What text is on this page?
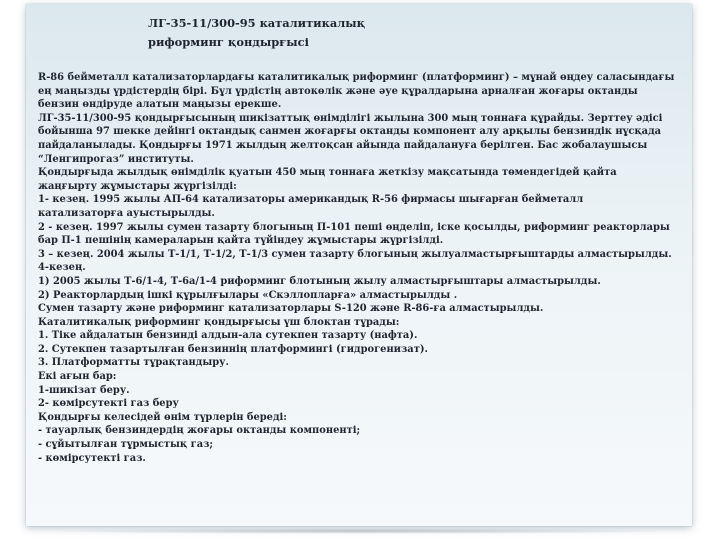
ЛГ-35-11/300-95 каталитикалық
риформинг қондырғысі
R-86 бейметалл катализаторлардағы каталитикалық риформинг (платформинг) – мұнай өңдеу саласындағы
ең маңызды үрдістердің бірі. Бұл үрдістің автокөлік және әуе құралдарына арналған жоғары октанды
бензин өндіруде алатын маңызы ерекше.
ЛГ-35-11/300-95 қондырғысының шикізаттық өнімділігі жылына 300 мың тоннаға құрайды. Зерттеу әдісі
бойынша 97 шекке дейінгі октандық санмен жоғарғы октанды компонент алу арқылы бензиндік нұсқада
пайдаланылады. Қондырғы 1971 жылдың желтоқсан айында пайдалануға берілген. Бас жобалаушысы
“Ленгипрогаз” институты.
Қондырғыда жылдық өнімділік қуатын 450 мың тоннаға жеткізу мақсатында төмендегідей қайта
жаңғырту жұмыстары жүргізілді:
1- кезең. 1995 жылы АП-64 катализаторы американдық R-56 фирмасы шығарған бейметалл
катализаторға ауыстырылды.
2 - кезең. 1997 жылы сумен тазарту блогының П-101 пеші өңделіп, іске қосылды, риформинг реакторлары
бар П-1 пешінің камераларын қайта түйіндеу жұмыстары жүргізілді.
3 – кезең. 2004 жылы Т-1/1, Т-1/2, Т-1/3 сумен тазарту блогының жылуалмастырғыштарды алмастырылды.
4-кезең.
1) 2005 жылы Т-6/1-4, Т-6а/1-4 риформинг блотының жылу алмастырғыштары алмастырылды.
2) Реакторлардың ішкі құрылғылары «Скэллопларға» алмастырылды .
Сумен тазарту және риформинг катализаторлары S-120 және R-86-ға алмастырылды.
Каталитикалық риформинг қондырғысы үш блоктан тұрады:
1. Тіке айдалатын бензинді алдын-ала сутекпен тазарту (нафта).
2. Сутекпен тазартылған бензиннің платформингі (гидрогенизат).
3. Платформатты тұрақтандыру.
Екі ағын бар:
1-шикізат беру.
2- көмірсутекті газ беру
Қондырғы келесідей өнім түрлерін береді:
- тауарлық бензиндердің жоғары октанды компоненті;
- сұйытылған тұрмыстық газ;
- көмірсутекті газ.
